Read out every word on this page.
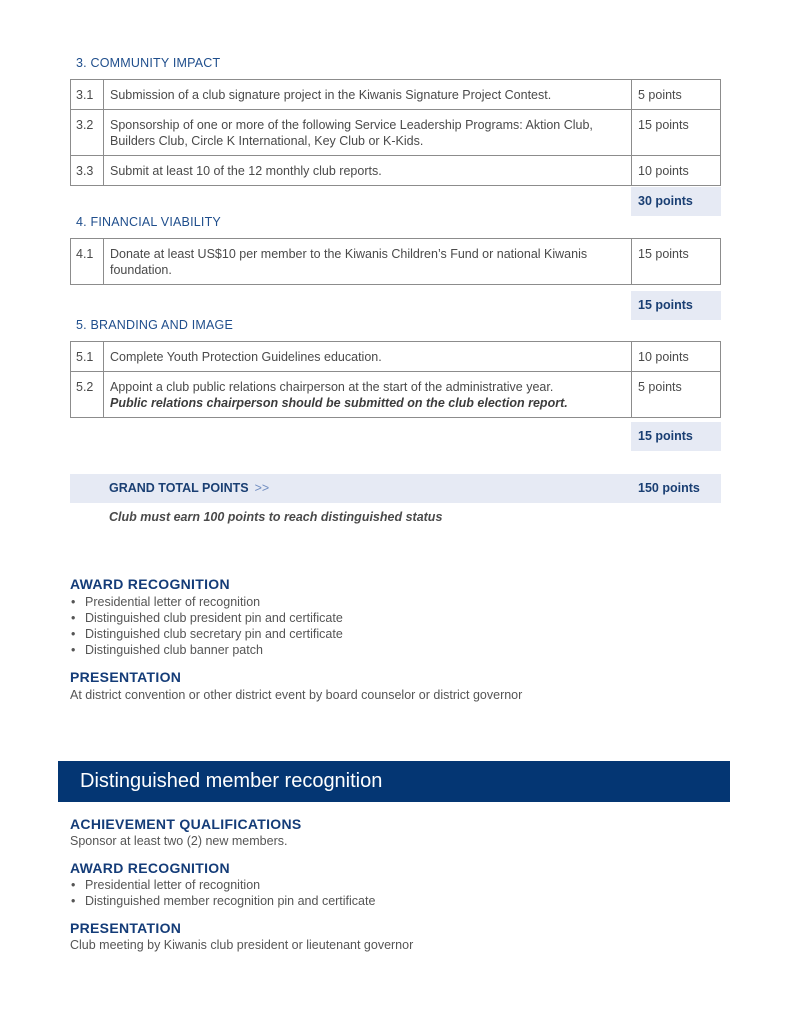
3. COMMUNITY IMPACT
3.1	Submission of a club signature project in the Kiwanis Signature Project Contest.	5 points
3.2	Sponsorship of one or more of the following Service Leadership Programs: Aktion Club, Builders Club, Circle K International, Key Club or K-Kids.	15 points
3.3	Submit at least 10 of the 12 monthly club reports.	10 points
30 points
4. FINANCIAL VIABILITY
4.1	Donate at least US$10 per member to the Kiwanis Children’s Fund or national Kiwanis foundation.	15 points
15 points
5. BRANDING AND IMAGE
5.1	Complete Youth Protection Guidelines education.	10 points
5.2	Appoint a club public relations chairperson at the start of the administrative year.
Public relations chairperson should be submitted on the club election report.	5 points
15 points
GRAND TOTAL POINTS >>	150 points
Club must earn 100 points to reach distinguished status
AWARD RECOGNITION
• Presidential letter of recognition
• Distinguished club president pin and certificate
• Distinguished club secretary pin and certificate
• Distinguished club banner patch
PRESENTATION
At district convention or other district event by board counselor or district governor
Distinguished member recognition
ACHIEVEMENT QUALIFICATIONS
Sponsor at least two (2) new members.
AWARD RECOGNITION
• Presidential letter of recognition
• Distinguished member recognition pin and certificate
PRESENTATION
Club meeting by Kiwanis club president or lieutenant governor
